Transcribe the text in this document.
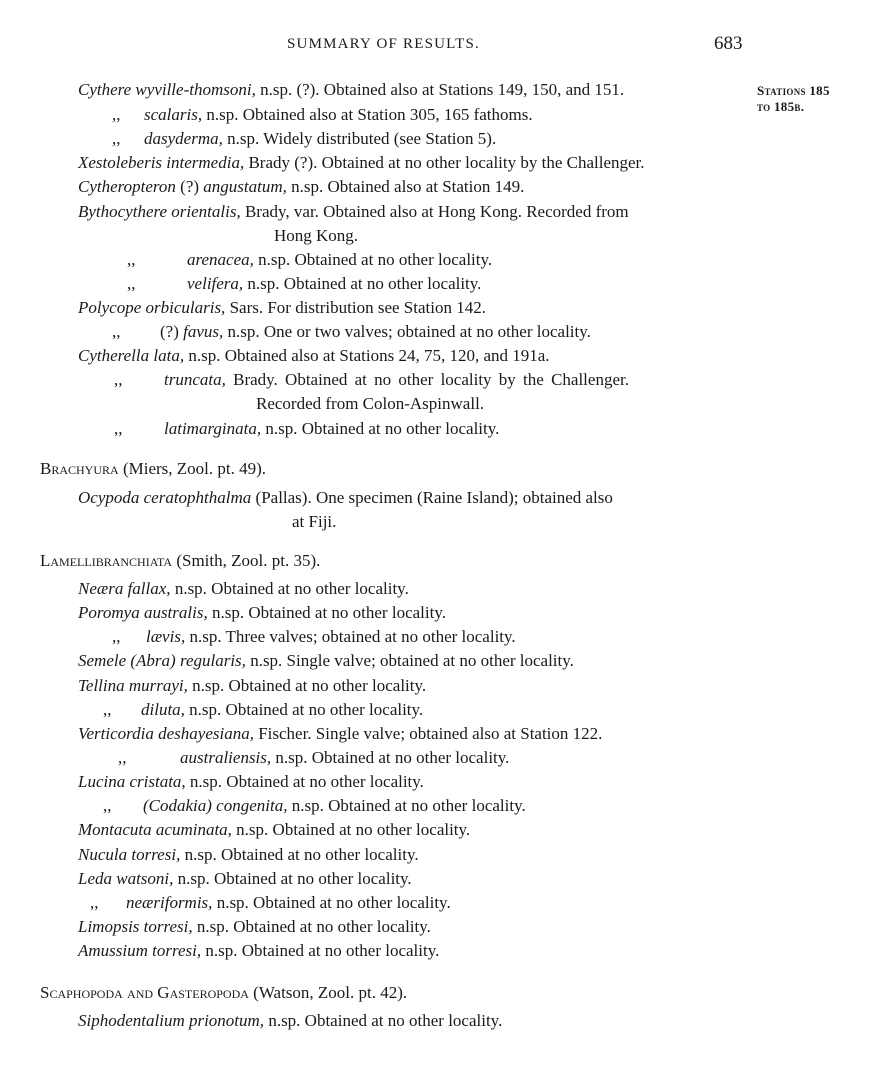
SUMMARY OF RESULTS.	683
Stations 185
to 185b.
Cythere wyville-thomsoni, n.sp. (?). Obtained also at Stations 149, 150, and 151.
,, scalaris, n.sp. Obtained also at Station 305, 165 fathoms.
,, dasyderma, n.sp. Widely distributed (see Station 5).
Xestoleberis intermedia, Brady (?). Obtained at no other locality by the Challenger.
Cytheropteron (?) angustatum, n.sp. Obtained also at Station 149.
Bythocythere orientalis, Brady, var. Obtained also at Hong Kong. Recorded from
Hong Kong.
,,	arenacea, n.sp. Obtained at no other locality.
,,	velifera, n.sp. Obtained at no other locality.
Polycope orbicularis, Sars. For distribution see Station 142.
,, (?) favus, n.sp. One or two valves; obtained at no other locality.
Cytherella lata, n.sp. Obtained also at Stations 24, 75, 120, and 191a.
,, truncata, Brady. Obtained at no other locality by the Challenger.
Recorded from Colon-Aspinwall.
,, latimarginata, n.sp. Obtained at no other locality.
Brachyura (Miers, Zool. pt. 49).
Ocypoda ceratophthalma (Pallas). One specimen (Raine Island); obtained also
at Fiji.
Lamellibranchiata (Smith, Zool. pt. 35).
Neæra fallax, n.sp. Obtained at no other locality.
Poromya australis, n.sp. Obtained at no other locality.
,, lævis, n.sp. Three valves; obtained at no other locality.
Semele (Abra) regularis, n.sp. Single valve; obtained at no other locality.
Tellina murrayi, n.sp. Obtained at no other locality.
,, diluta, n.sp. Obtained at no other locality.
Verticordia deshayesiana, Fischer. Single valve; obtained also at Station 122.
,,	australiensis, n.sp. Obtained at no other locality.
Lucina cristata, n.sp. Obtained at no other locality.
,, (Codakia) congenita, n.sp. Obtained at no other locality.
Montacuta acuminata, n.sp. Obtained at no other locality.
Nucula torresi, n.sp. Obtained at no other locality.
Leda watsoni, n.sp. Obtained at no other locality.
,, neæriformis, n.sp. Obtained at no other locality.
Limopsis torresi, n.sp. Obtained at no other locality.
Amussium torresi, n.sp. Obtained at no other locality.
Scaphopoda and Gasteropoda (Watson, Zool. pt. 42).
Siphodentalium prionotum, n.sp. Obtained at no other locality.
